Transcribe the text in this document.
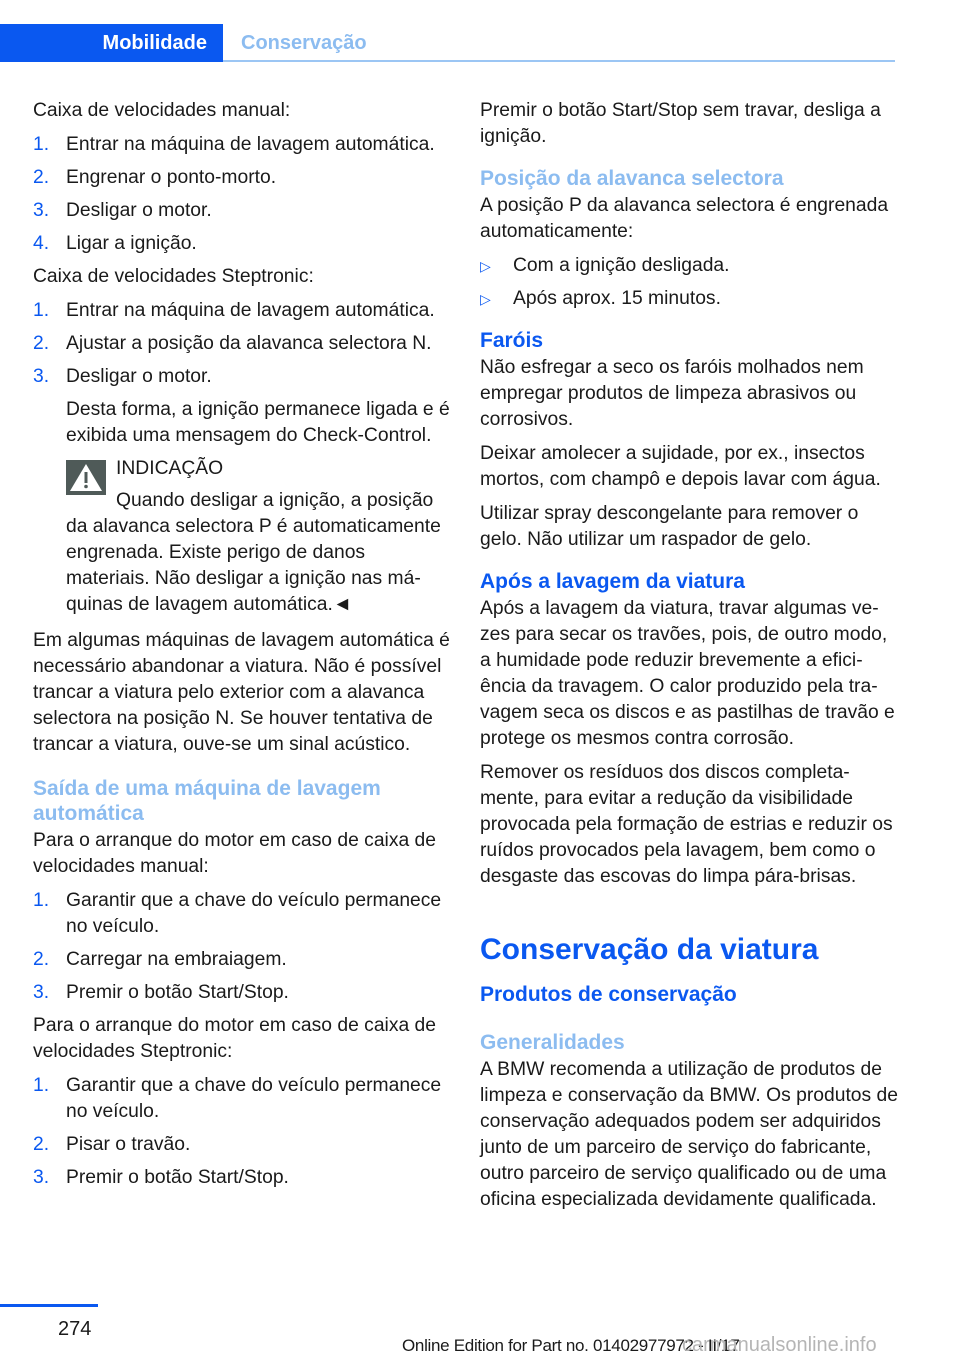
Mobilidade	Conservação

Caixa de velocidades manual:

1. Entrar na máquina de lavagem automática.
2. Engrenar o ponto-morto.
3. Desligar o motor.
4. Ligar a ignição.

Caixa de velocidades Steptronic:

1. Entrar na máquina de lavagem automática.
2. Ajustar a posição da alavanca selectora N.
3. Desligar o motor.
Desta forma, a ignição permanece ligada e é exibida uma mensagem do Check-Control.
INDICAÇÃO
Quando desligar a ignição, a posição
da alavanca selectora P é automaticamente engrenada. Existe perigo de danos materiais. Não desligar a ignição nas máquinas de lavagem automática.◄

Em algumas máquinas de lavagem automática é necessário abandonar a viatura. Não é possível trancar a viatura pelo exterior com a alavanca selectora na posição N. Se houver tentativa de trancar a viatura, ouve-se um sinal acústico.

Saída de uma máquina de lavagem automática

Para o arranque do motor em caso de caixa de velocidades manual:

1. Garantir que a chave do veículo permanece no veículo.
2. Carregar na embraiagem.
3. Premir o botão Start/Stop.

Para o arranque do motor em caso de caixa de velocidades Steptronic:

1. Garantir que a chave do veículo permanece no veículo.
2. Pisar o travão.
3. Premir o botão Start/Stop.

Premir o botão Start/Stop sem travar, desliga a ignição.

Posição da alavanca selectora

A posição P da alavanca selectora é engrenada automaticamente:

▷ Com a ignição desligada.
▷ Após aprox. 15 minutos.
Faróis

Não esfregar a seco os faróis molhados nem empregar produtos de limpeza abrasivos ou corrosivos.

Deixar amolecer a sujidade, por ex., insectos mortos, com champô e depois lavar com água.

Utilizar spray descongelante para remover o gelo. Não utilizar um raspador de gelo.

Após a lavagem da viatura

Após a lavagem da viatura, travar algumas vezes para secar os travões, pois, de outro modo, a humidade pode reduzir brevemente a eficiência da travagem. O calor produzido pela travagem seca os discos e as pastilhas de travão e protege os mesmos contra corrosão.

Remover os resíduos dos discos completamente, para evitar a redução da visibilidade provocada pela formação de estrias e reduzir os ruídos provocados pela lavagem, bem como o desgaste das escovas do limpa pára-brisas.

Conservação da viatura
Produtos de conservação
Generalidades

A BMW recomenda a utilização de produtos de limpeza e conservação da BMW. Os produtos de conservação adequados podem ser adquiridos junto de um parceiro de serviço do fabricante, outro parceiro de serviço qualificado ou de uma oficina especializada devidamente qualificada.

274
Online Edition for Part no. 01402977972 - II/17
carmanualsonline.info
